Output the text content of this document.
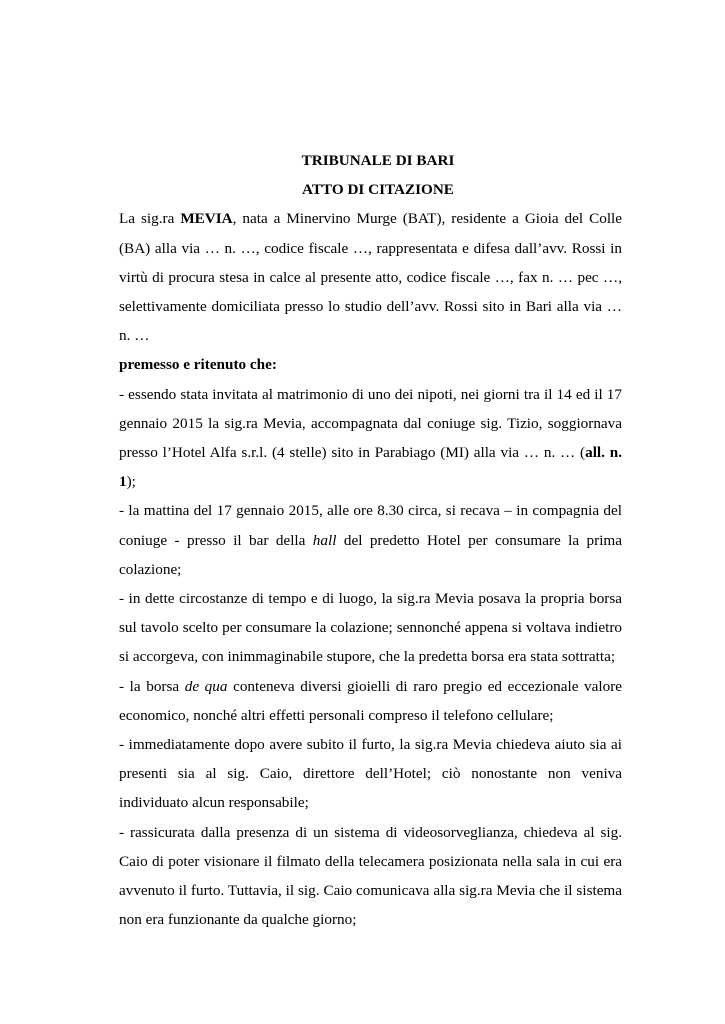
TRIBUNALE DI BARI

ATTO DI CITAZIONE

La sig.ra MEVIA, nata a Minervino Murge (BAT), residente a Gioia del Colle (BA) alla via … n. …, codice fiscale …, rappresentata e difesa dall’avv. Rossi in virtù di procura stesa in calce al presente atto, codice fiscale …, fax n. … pec …, selettivamente domiciliata presso lo studio dell’avv. Rossi sito in Bari alla via … n. …

premesso e ritenuto che:

- essendo stata invitata al matrimonio di uno dei nipoti, nei giorni tra il 14 ed il 17 gennaio 2015 la sig.ra Mevia, accompagnata dal coniuge sig. Tizio, soggiornava presso l’Hotel Alfa s.r.l. (4 stelle) sito in Parabiago (MI) alla via … n. … (all. n. 1);

- la mattina del 17 gennaio 2015, alle ore 8.30 circa, si recava – in compagnia del coniuge - presso il bar della hall del predetto Hotel per consumare la prima colazione;

- in dette circostanze di tempo e di luogo, la sig.ra Mevia posava la propria borsa sul tavolo scelto per consumare la colazione; sennonché appena si voltava indietro si accorgeva, con inimmaginabile stupore, che la predetta borsa era stata sottratta;

- la borsa de qua conteneva diversi gioielli di raro pregio ed eccezionale valore economico, nonché altri effetti personali compreso il telefono cellulare;

- immediatamente dopo avere subito il furto, la sig.ra Mevia chiedeva aiuto sia ai presenti sia al sig. Caio, direttore dell’Hotel; ciò nonostante non veniva individuato alcun responsabile;

- rassicurata dalla presenza di un sistema di videosorveglianza, chiedeva al sig. Caio di poter visionare il filmato della telecamera posizionata nella sala in cui era avvenuto il furto. Tuttavia, il sig. Caio comunicava alla sig.ra Mevia che il sistema non era funzionante da qualche giorno;
